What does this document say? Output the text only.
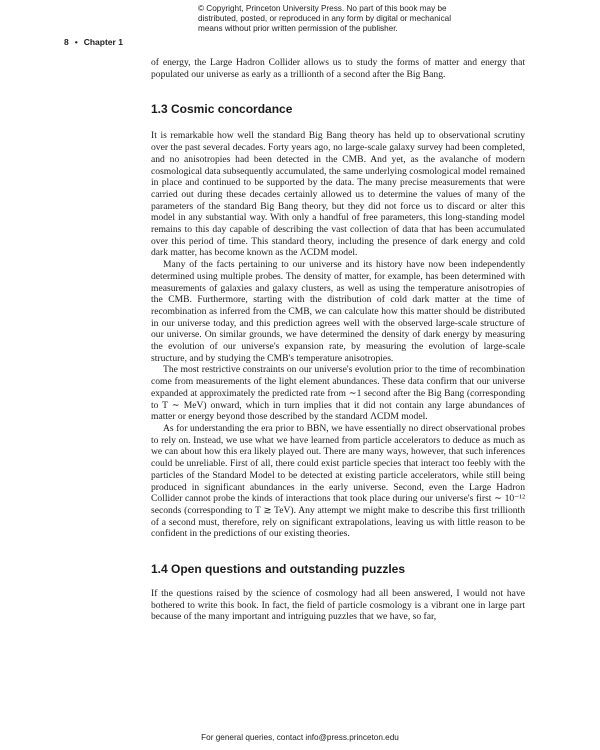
© Copyright, Princeton University Press. No part of this book may be
distributed, posted, or reproduced in any form by digital or mechanical
means without prior written permission of the publisher.
8 • Chapter 1

of energy, the Large Hadron Collider allows us to study the forms of matter and energy that populated our universe as early as a trillionth of a second after the Big Bang.

1.3 Cosmic concordance

It is remarkable how well the standard Big Bang theory has held up to observational scrutiny over the past several decades. Forty years ago, no large-scale galaxy survey had been completed, and no anisotropies had been detected in the CMB. And yet, as the avalanche of modern cosmological data subsequently accumulated, the same underlying cosmological model remained in place and continued to be supported by the data. The many precise measurements that were carried out during these decades certainly allowed us to determine the values of many of the parameters of the standard Big Bang theory, but they did not force us to discard or alter this model in any substantial way. With only a handful of free parameters, this long-standing model remains to this day capable of describing the vast collection of data that has been accumulated over this period of time. This standard theory, including the presence of dark energy and cold dark matter, has become known as the ΛCDM model.

Many of the facts pertaining to our universe and its history have now been independently determined using multiple probes. The density of matter, for example, has been determined with measurements of galaxies and galaxy clusters, as well as using the temperature anisotropies of the CMB. Furthermore, starting with the distribution of cold dark matter at the time of recombination as inferred from the CMB, we can calculate how this matter should be distributed in our universe today, and this prediction agrees well with the observed large-scale structure of our universe. On similar grounds, we have determined the density of dark energy by measuring the evolution of our universe's expansion rate, by measuring the evolution of large-scale structure, and by studying the CMB's temperature anisotropies.

The most restrictive constraints on our universe's evolution prior to the time of recombination come from measurements of the light element abundances. These data confirm that our universe expanded at approximately the predicted rate from ∼1 second after the Big Bang (corresponding to T ∼ MeV) onward, which in turn implies that it did not contain any large abundances of matter or energy beyond those described by the standard ΛCDM model.

As for understanding the era prior to BBN, we have essentially no direct observational probes to rely on. Instead, we use what we have learned from particle accelerators to deduce as much as we can about how this era likely played out. There are many ways, however, that such inferences could be unreliable. First of all, there could exist particle species that interact too feebly with the particles of the Standard Model to be detected at existing particle accelerators, while still being produced in significant abundances in the early universe. Second, even the Large Hadron Collider cannot probe the kinds of interactions that took place during our universe's first ∼ 10⁻¹² seconds (corresponding to T ≳ TeV). Any attempt we might make to describe this first trillionth of a second must, therefore, rely on significant extrapolations, leaving us with little reason to be confident in the predictions of our existing theories.

1.4 Open questions and outstanding puzzles

If the questions raised by the science of cosmology had all been answered, I would not have bothered to write this book. In fact, the field of particle cosmology is a vibrant one in large part because of the many important and intriguing puzzles that we have, so far,

For general queries, contact info@press.princeton.edu
